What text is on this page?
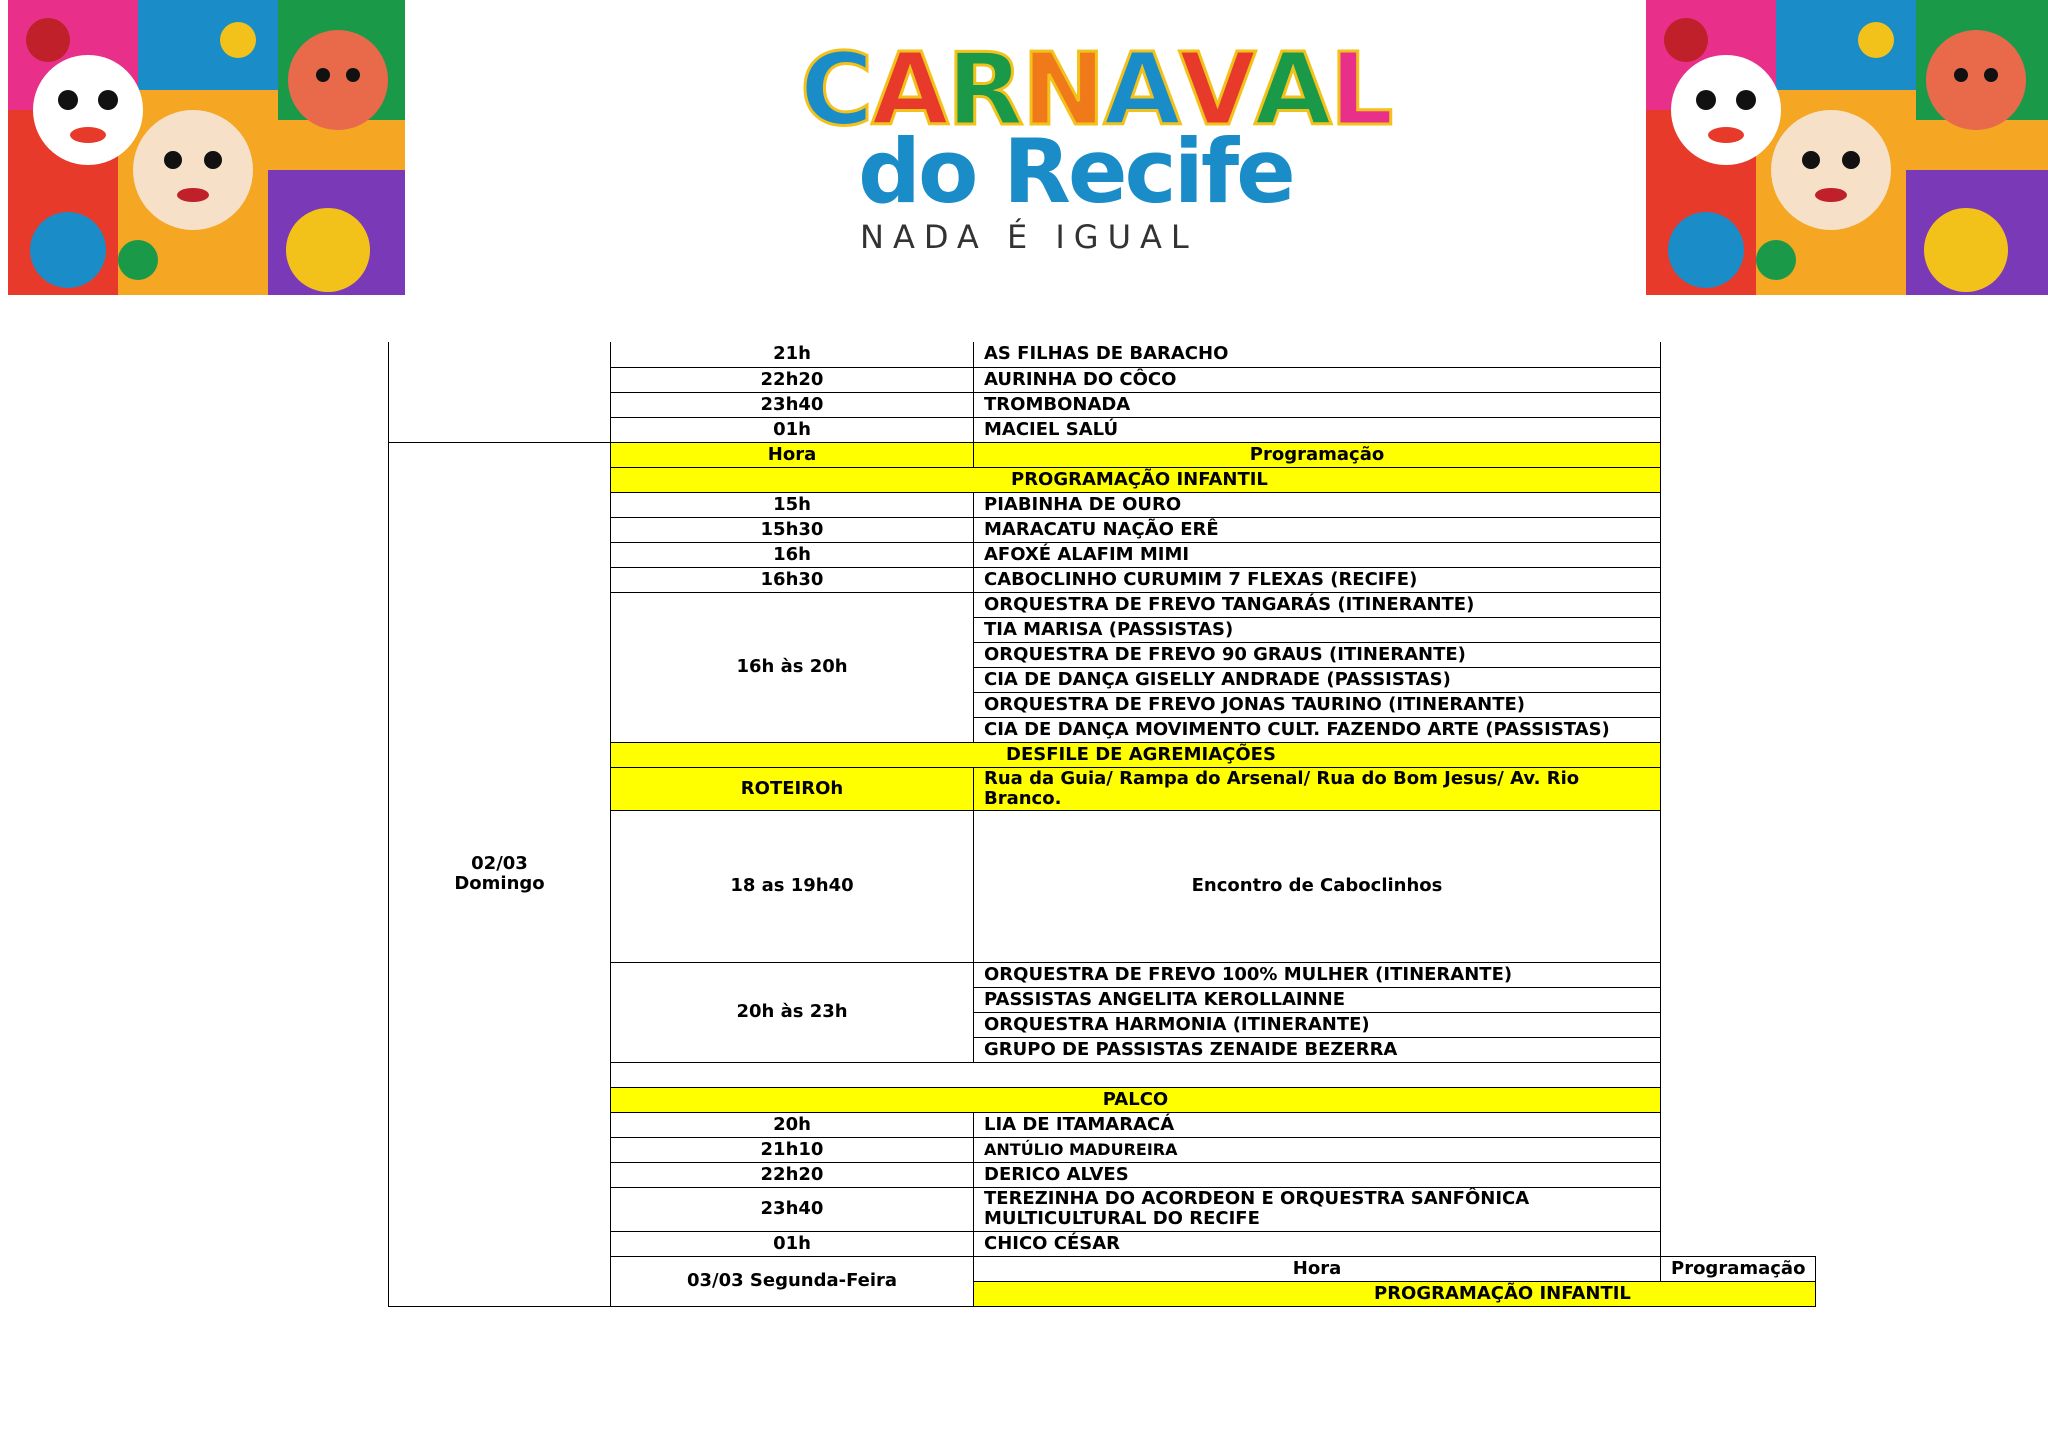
C A R N A V A L
do Recife
NADA É IGUAL
	21h	AS FILHAS DE BARACHO	
	22h20	AURINHA DO CÔCO	
	23h40	TROMBONADA	
	01h	MACIEL SALÚ	

02/03
Domingo	Hora	Programação	
	PROGRAMAÇÃO INFANTIL		
	15h	PIABINHA DE OURO	
	15h30	MARACATU NAÇÃO ERÊ	
	16h	AFOXÉ ALAFIM MIMI	
	16h30	CABOCLINHO CURUMIM 7 FLEXAS (RECIFE)	
	16h às 20h	ORQUESTRA DE FREVO TANGARÁS (ITINERANTE)	
		TIA MARISA (PASSISTAS)	
		ORQUESTRA DE FREVO 90 GRAUS (ITINERANTE)	
		CIA DE DANÇA GISELLY ANDRADE (PASSISTAS)	
		ORQUESTRA DE FREVO JONAS TAURINO (ITINERANTE)	
		CIA DE DANÇA MOVIMENTO CULT. FAZENDO ARTE (PASSISTAS)	
	DESFILE DE AGREMIAÇÕES		
	ROTEIROh	Rua da Guia/ Rampa do Arsenal/ Rua do Bom Jesus/ Av. Rio Branco.	
	18 as 19h40	Encontro de Caboclinhos	
	20h às 23h	ORQUESTRA DE FREVO 100% MULHER (ITINERANTE)	
		PASSISTAS ANGELITA KEROLLAINNE	
		ORQUESTRA HARMONIA (ITINERANTE)	
		GRUPO DE PASSISTAS ZENAIDE BEZERRA	

	PALCO		
	20h	LIA DE ITAMARACÁ	
	21h10	ANTÚLIO MADUREIRA	
	22h20	DERICO ALVES	
	23h40	TEREZINHA DO ACORDEON E ORQUESTRA SANFÔNICA MULTICULTURAL DO RECIFE	
	01h	CHICO CÉSAR	
	03/03 Segunda-Feira	Hora	Programação
		PROGRAMAÇÃO INFANTIL	
